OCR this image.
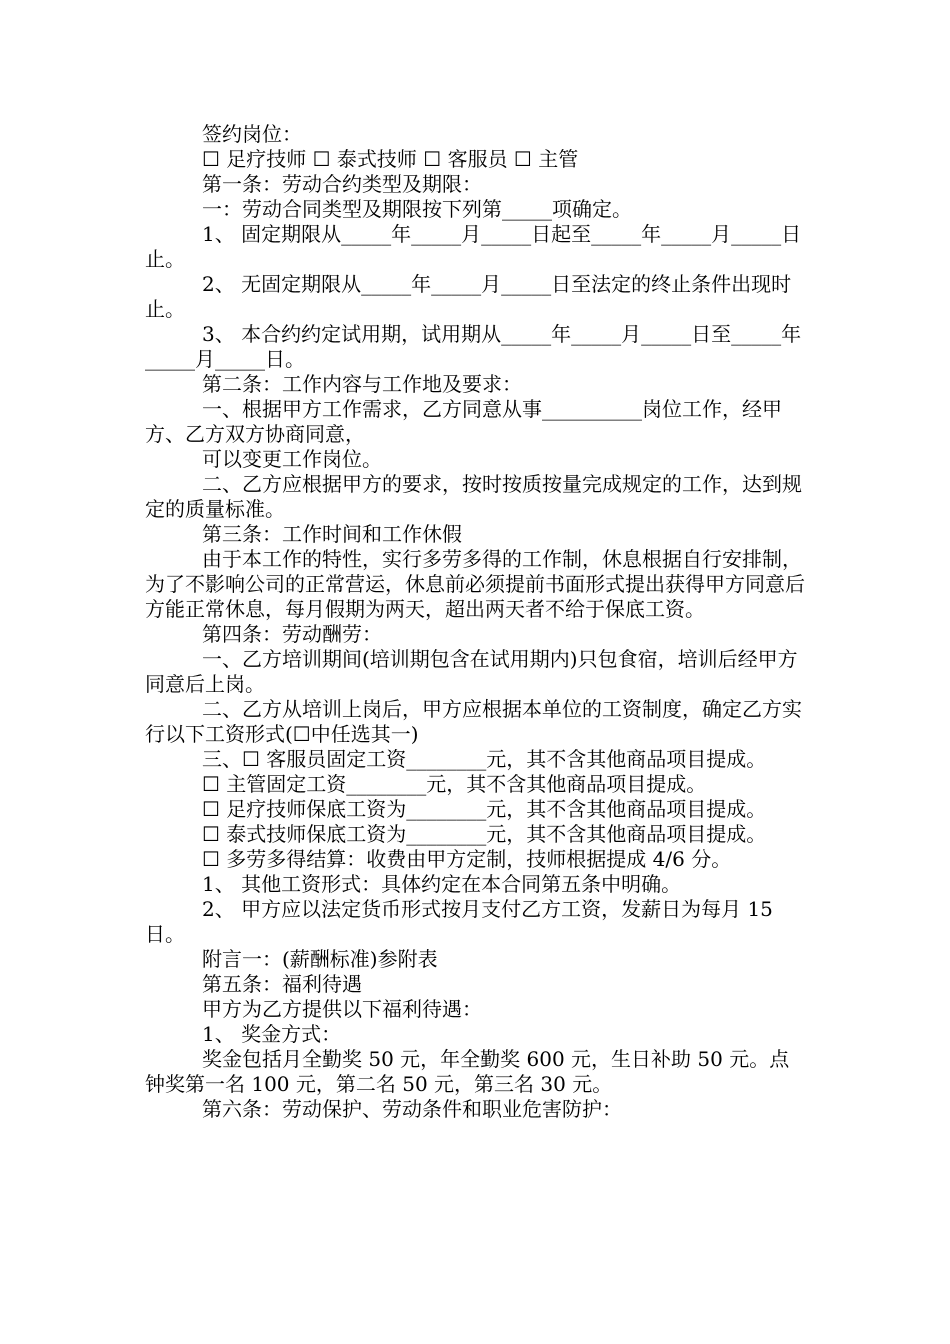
签约岗位：

☐ 足疗技师 ☐ 泰式技师 ☐ 客服员 ☐ 主管

第一条：劳动合约类型及期限：

一：劳动合同类型及期限按下列第_____项确定。

1、 固定期限从_____年_____月_____日起至_____年_____月_____日止。

2、 无固定期限从_____年_____月_____日至法定的终止条件出现时止。

3、 本合约约定试用期，试用期从_____年_____月_____日至_____年_____月_____日。

第二条：工作内容与工作地及要求：

一、根据甲方工作需求，乙方同意从事__________岗位工作，经甲方、乙方双方协商同意，

可以变更工作岗位。

二、乙方应根据甲方的要求，按时按质按量完成规定的工作，达到规定的质量标准。

第三条：工作时间和工作休假

由于本工作的特性，实行多劳多得的工作制，休息根据自行安排制，为了不影响公司的正常营运，休息前必须提前书面形式提出获得甲方同意后方能正常休息，每月假期为两天，超出两天者不给于保底工资。

第四条：劳动酬劳：

一、乙方培训期间(培训期包含在试用期内)只包食宿，培训后经甲方同意后上岗。

二、乙方从培训上岗后，甲方应根据本单位的工资制度，确定乙方实行以下工资形式(☐中任选其一)

三、☐ 客服员固定工资________元，其不含其他商品项目提成。

☐ 主管固定工资________元，其不含其他商品项目提成。

☐ 足疗技师保底工资为________元，其不含其他商品项目提成。

☐ 泰式技师保底工资为________元，其不含其他商品项目提成。

☐ 多劳多得结算：收费由甲方定制，技师根据提成 4/6 分。

1、 其他工资形式：具体约定在本合同第五条中明确。

2、 甲方应以法定货币形式按月支付乙方工资，发薪日为每月 15 日。

附言一：(薪酬标准)参附表

第五条：福利待遇

甲方为乙方提供以下福利待遇：

1、 奖金方式：

奖金包括月全勤奖 50 元，年全勤奖 600 元，生日补助 50 元。点钟奖第一名 100 元，第二名 50 元，第三名 30 元。

第六条：劳动保护、劳动条件和职业危害防护：
